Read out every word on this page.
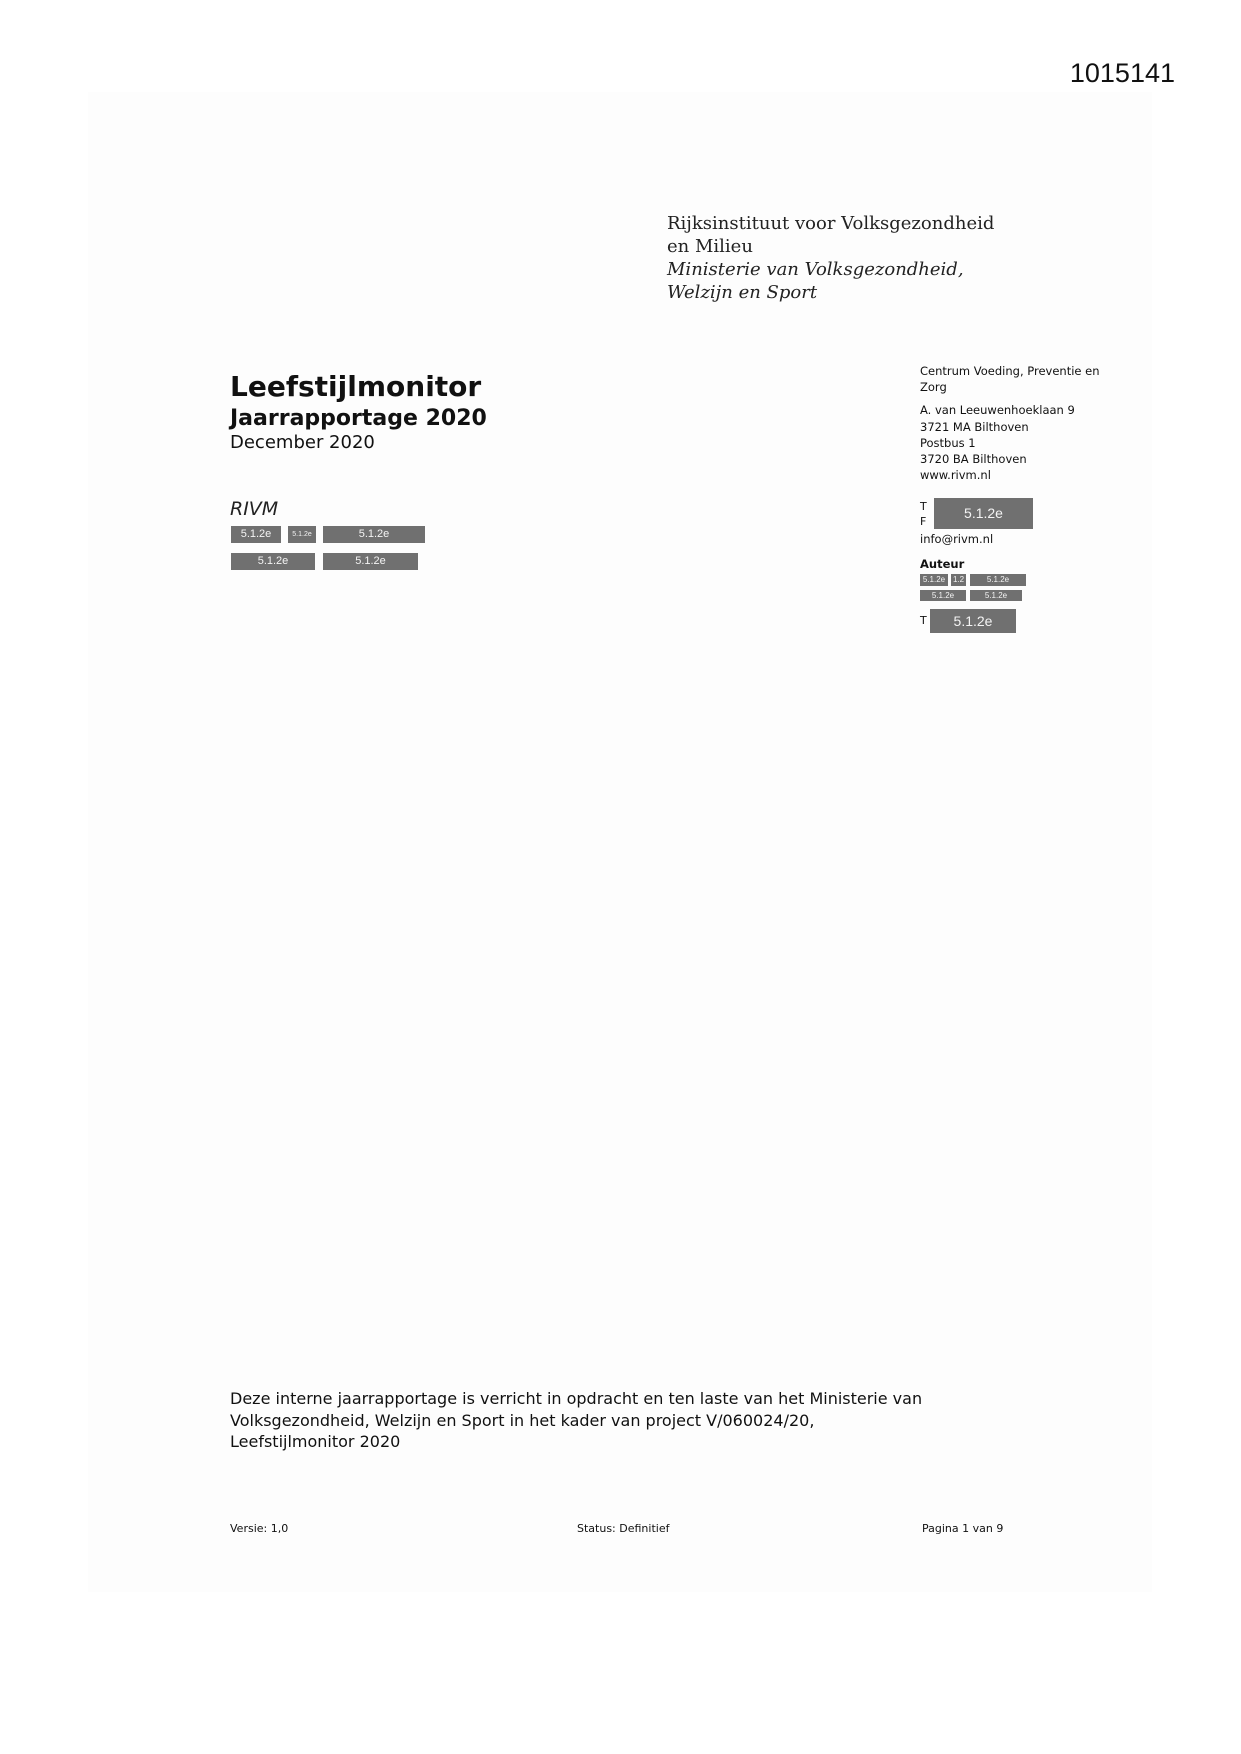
1015141
Rijksinstituut voor Volksgezondheid
en Milieu
Ministerie van Volksgezondheid,
Welzijn en Sport
Leefstijlmonitor
Jaarrapportage 2020
December 2020
RIVM
5.1.2e	5.1.2e	5.1.2e
5.1.2e	5.1.2e
Centrum Voeding, Preventie en
Zorg
A. van Leeuwenhoeklaan 9
3721 MA Bilthoven
Postbus 1
3720 BA Bilthoven
www.rivm.nl
T
F
5.1.2e
info@rivm.nl
Auteur
5.1.2e 1.2	5.1.2e
5.1.2e	5.1.2e
T	5.1.2e
Deze interne jaarrapportage is verricht in opdracht en ten laste van het Ministerie van Volksgezondheid, Welzijn en Sport in het kader van project V/060024/20, Leefstijlmonitor 2020
Versie: 1,0	Status: Definitief	Pagina 1 van 9
